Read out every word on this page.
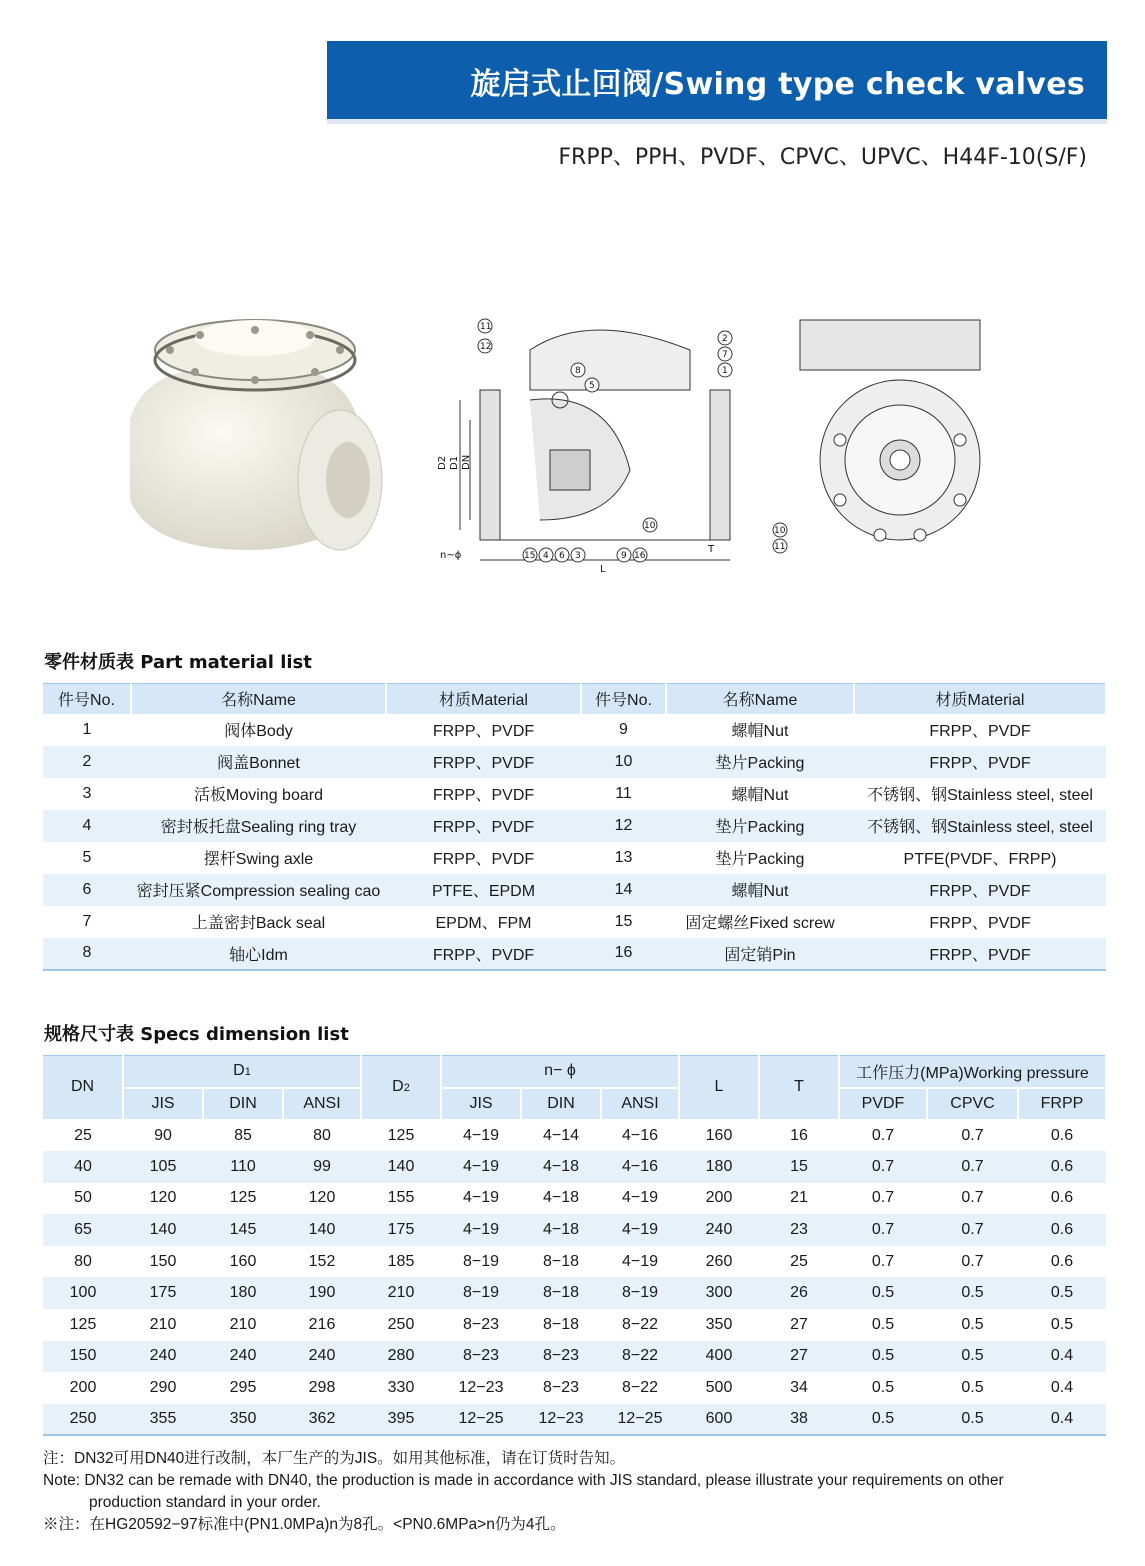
旋启式止回阀/Swing type check valves
FRPP、PPH、PVDF、CPVC、UPVC、H44F-10(S/F)
D2 D1 DN
n~ϕ
T
L
11
12
8
5
2
7
1
10
15 4 6 3	9 16
10
11
零件材质表 Part material list
件号No.	名称Name	材质Material	件号No.	名称Name	材质Material
1	阀体Body	FRPP、PVDF	9	螺帽Nut	FRPP、PVDF
2	阀盖Bonnet	FRPP、PVDF	10	垫片Packing	FRPP、PVDF
3	活板Moving board	FRPP、PVDF	11	螺帽Nut	不锈钢、钢Stainless steel, steel
4	密封板托盘Sealing ring tray	FRPP、PVDF	12	垫片Packing	不锈钢、钢Stainless steel, steel
5	摆杆Swing axle	FRPP、PVDF	13	垫片Packing	PTFE(PVDF、FRPP)
6	密封压紧Compression sealing cao	PTFE、EPDM	14	螺帽Nut	FRPP、PVDF
7	上盖密封Back seal	EPDM、FPM	15	固定螺丝Fixed screw	FRPP、PVDF
8	轴心Idm	FRPP、PVDF	16	固定销Pin	FRPP、PVDF
规格尺寸表 Specs dimension list
DN	D1			D2	n− ϕ			L	T	工作压力(MPa)Working pressure		
	JIS	DIN	ANSI		JIS	DIN	ANSI			PVDF	CPVC	FRPP
25	90	85	80	125	4−19	4−14	4−16	160	16	0.7	0.7	0.6
40	105	110	99	140	4−19	4−18	4−16	180	15	0.7	0.7	0.6
50	120	125	120	155	4−19	4−18	4−19	200	21	0.7	0.7	0.6
65	140	145	140	175	4−19	4−18	4−19	240	23	0.7	0.7	0.6
80	150	160	152	185	8−19	8−18	4−19	260	25	0.7	0.7	0.6
100	175	180	190	210	8−19	8−18	8−19	300	26	0.5	0.5	0.5
125	210	210	216	250	8−23	8−18	8−22	350	27	0.5	0.5	0.5
150	240	240	240	280	8−23	8−23	8−22	400	27	0.5	0.5	0.4
200	290	295	298	330	12−23	8−23	8−22	500	34	0.5	0.5	0.4
250	355	350	362	395	12−25	12−23	12−25	600	38	0.5	0.5	0.4
注：DN32可用DN40进行改制，本厂生产的为JIS。如用其他标准，请在订货时告知。
Note: DN32 can be remade with DN40, the production is made in accordance with JIS standard, please illustrate your requirements on other
production standard in your order.
※注：在HG20592−97标准中(PN1.0MPa)n为8孔。<PN0.6MPa>n仍为4孔。
